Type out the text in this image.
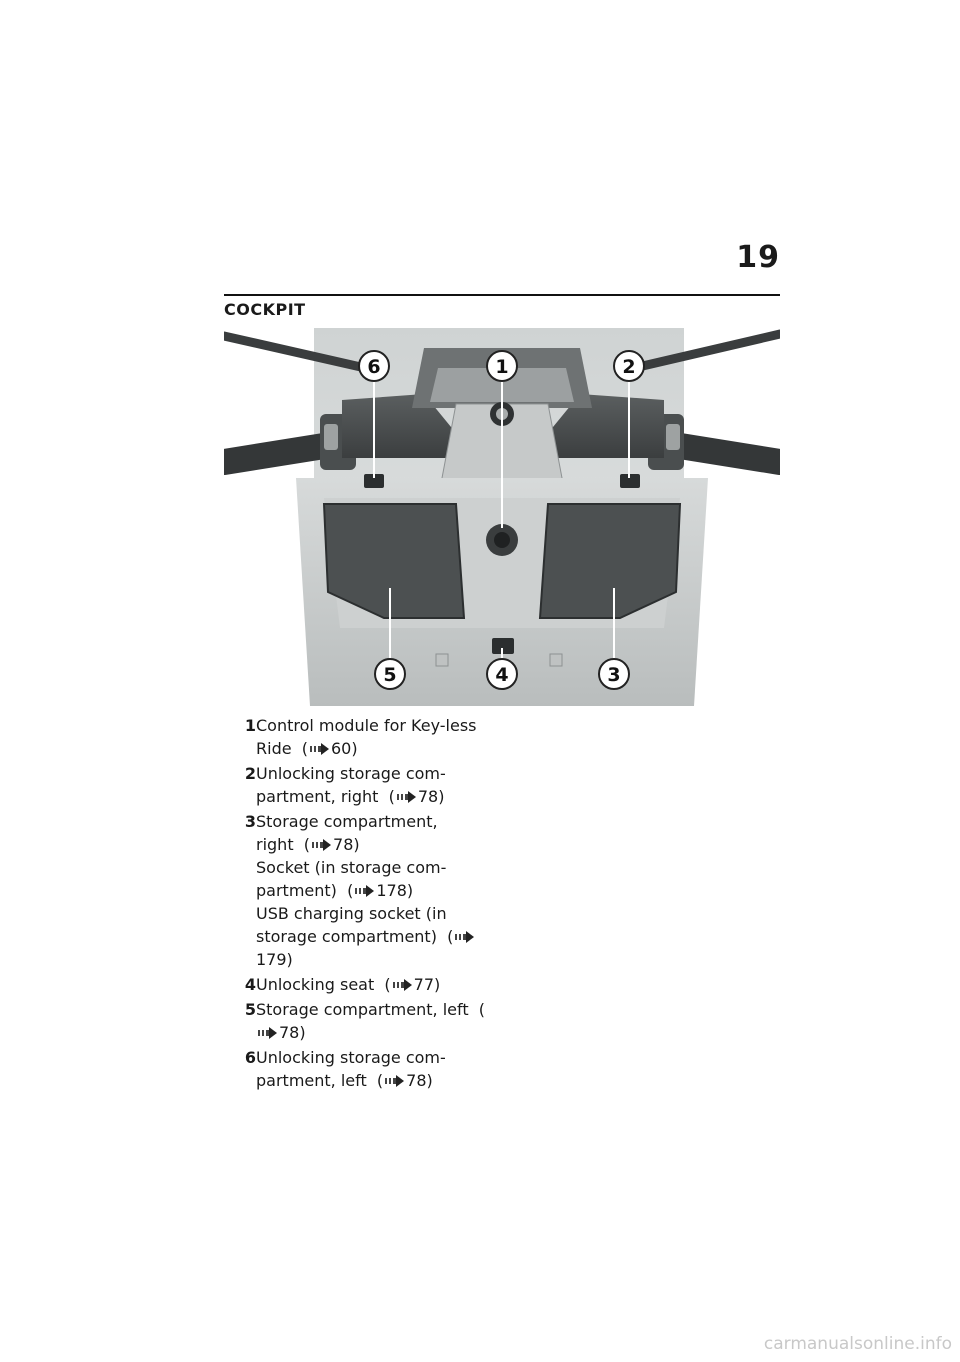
19
COCKPIT
6	1	2
5	4	3
1 Control module for Key-less Ride  ( 60)
2 Unlocking storage com-partment, right  ( 78)
3 Storage compartment, right  ( 78)
Socket (in storage com-partment)  ( 178)
USB charging socket (in storage compartment)  (179)
4 Unlocking seat  ( 77)
5 Storage compartment, left  (78)
6 Unlocking storage com-partment, left  ( 78)
carmanualsonline.info
